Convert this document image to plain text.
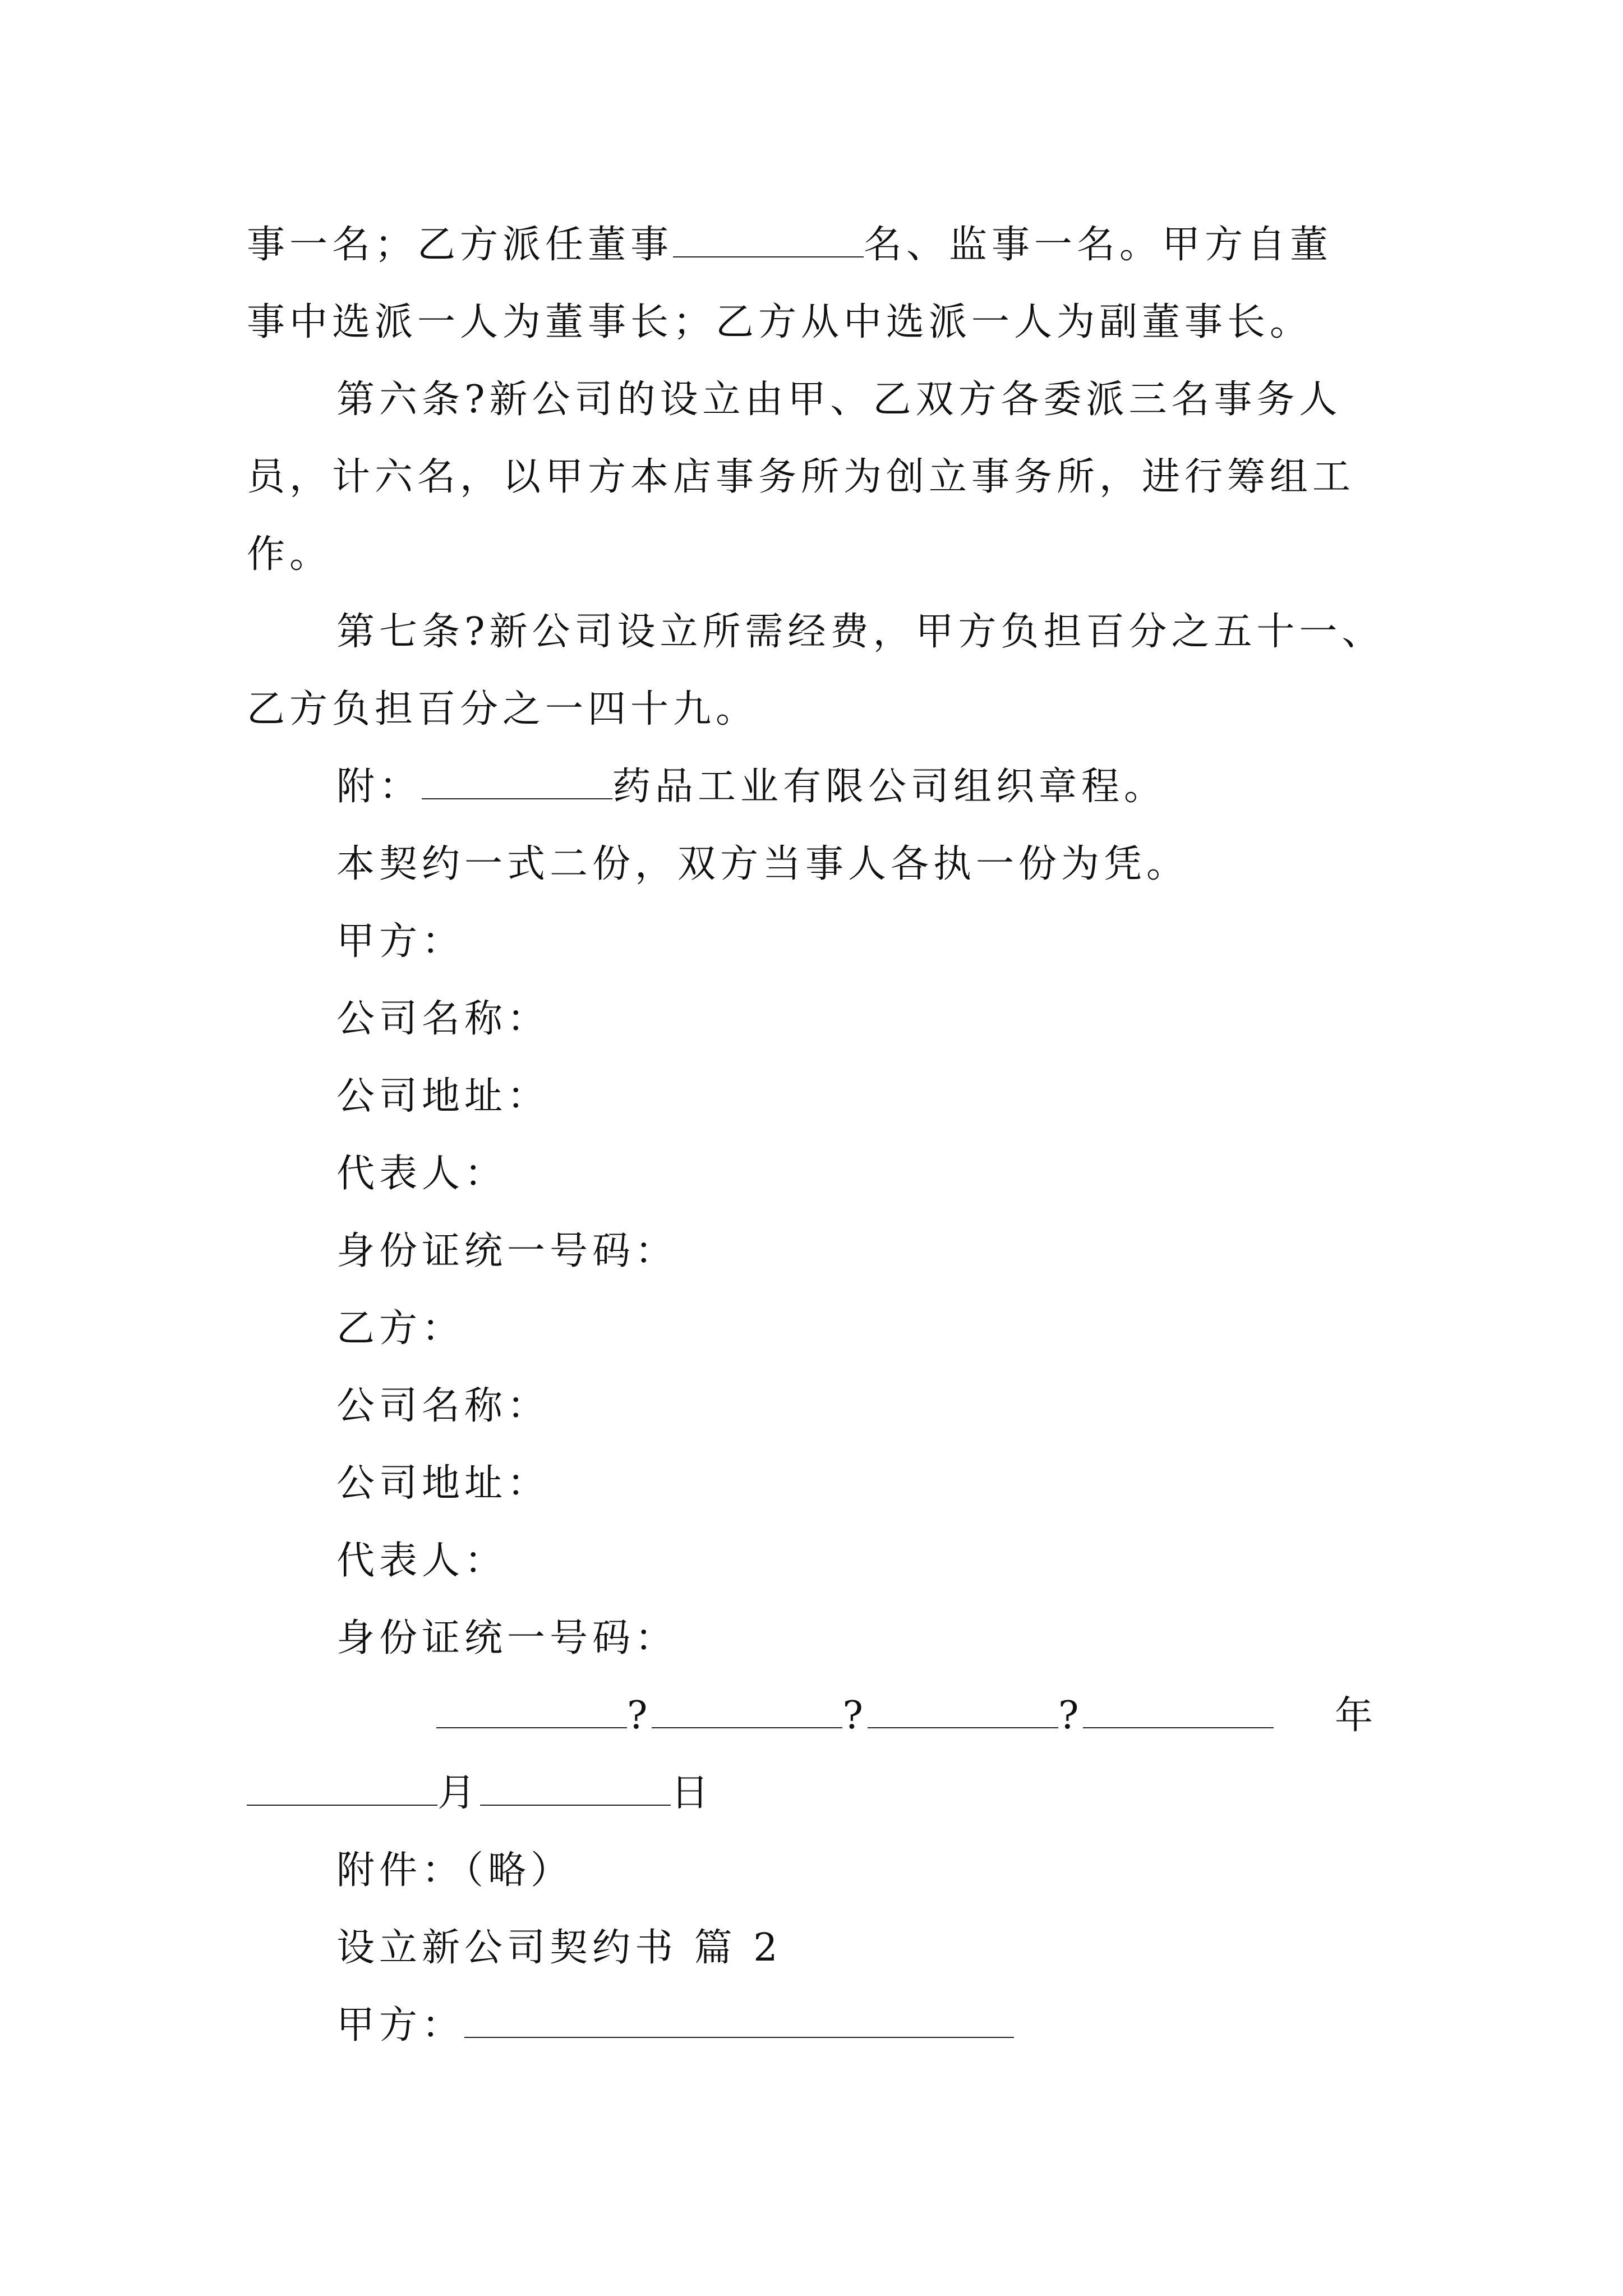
事一名；乙方派任董事	名、监事一名。甲方自董
事中选派一人为董事长；乙方从中选派一人为副董事长。
第六条?新公司的设立由甲、乙双方各委派三名事务人
员，计六名，以甲方本店事务所为创立事务所，进行筹组工
作。
第七条?新公司设立所需经费，甲方负担百分之五十一、
乙方负担百分之一四十九。
附：	药品工业有限公司组织章程。
本契约一式二份，双方当事人各执一份为凭。
甲方：
公司名称：
公司地址：
代表人：
身份证统一号码：
乙方：
公司名称：
公司地址：
代表人：
身份证统一号码：
?	?	?	年
月	日
附件：（略）
设立新公司契约书 篇 2
甲方：
